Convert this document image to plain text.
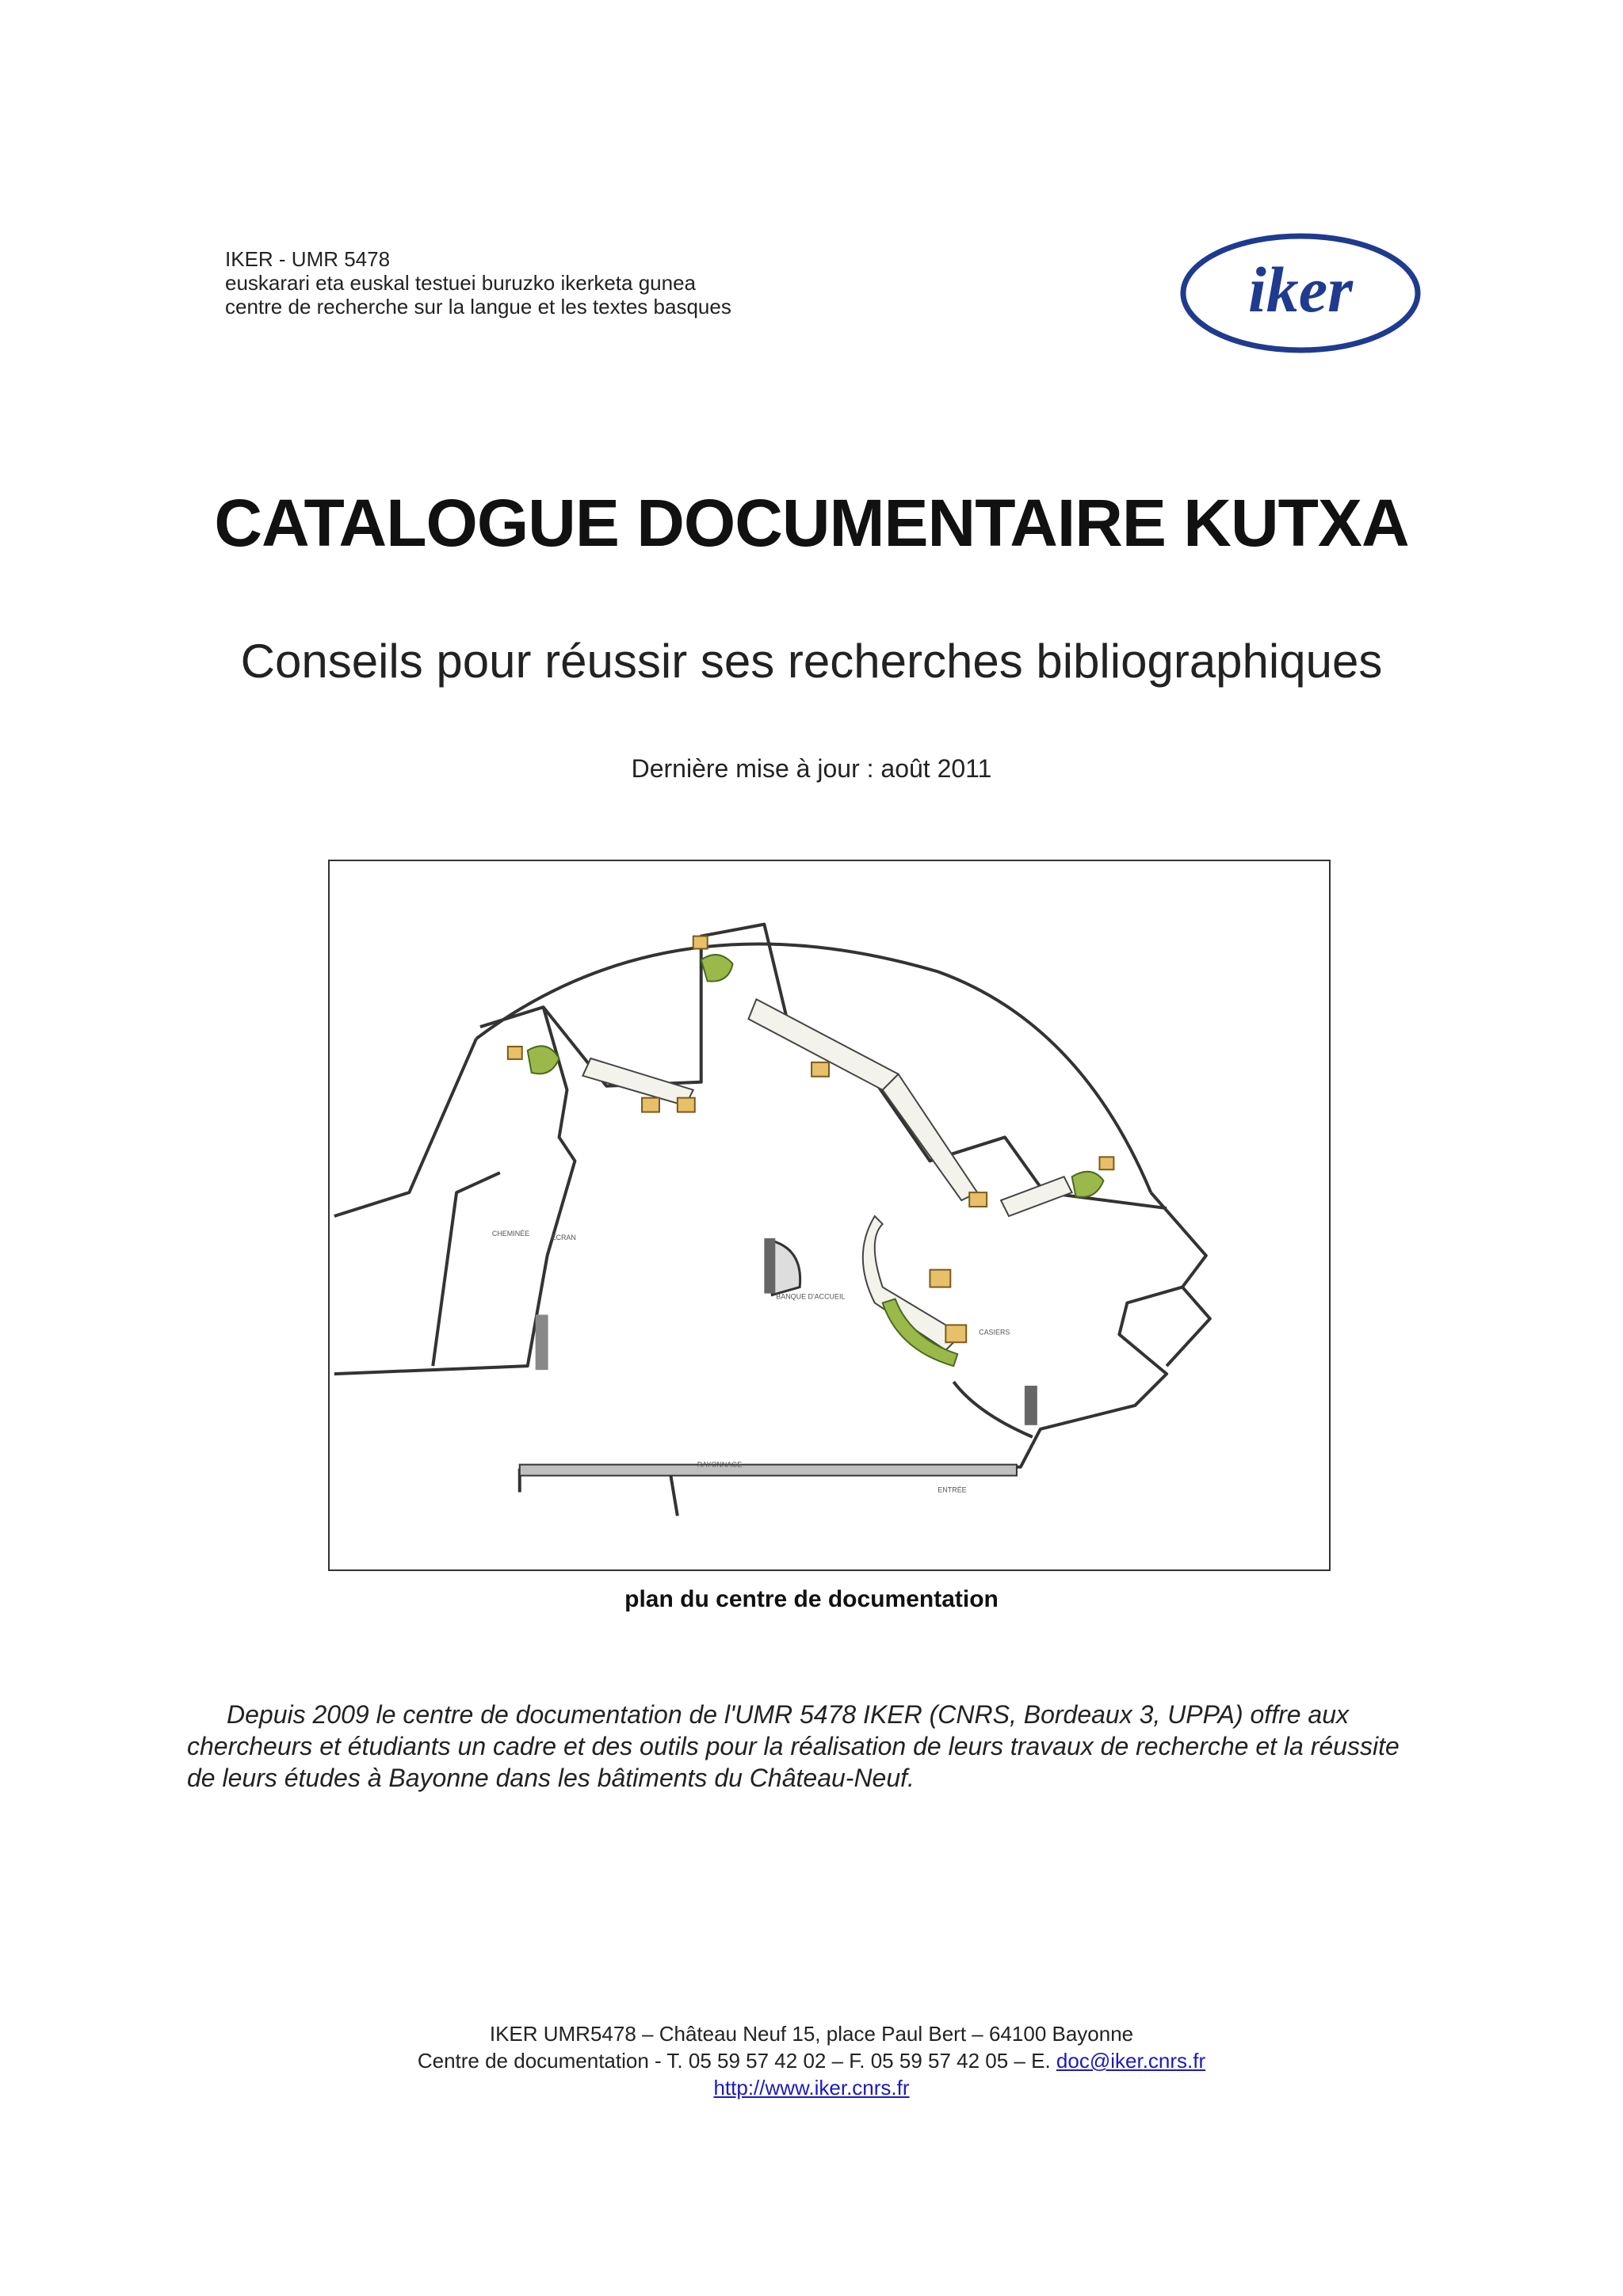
IKER - UMR 5478
euskarari eta euskal testuei buruzko ikerketa gunea
centre de recherche sur la langue et les textes basques	iker
CATALOGUE DOCUMENTAIRE KUTXA
Conseils pour réussir ses recherches bibliographiques
Dernière mise à jour : août 2011
CHEMINÉE	ÉCRAN
RAYONNAGE
ENTRÉE
BANQUE D'ACCUEIL
CASIERS
plan du centre de documentation
Depuis 2009 le centre de documentation de l'UMR 5478 IKER (CNRS, Bordeaux 3, UPPA) offre aux chercheurs et étudiants un cadre et des outils pour la réalisation de leurs travaux de recherche et la réussite de leurs études à Bayonne dans les bâtiments du Château-Neuf.
IKER UMR5478 – Château Neuf 15, place Paul Bert – 64100 Bayonne
Centre de documentation - T. 05 59 57 42 02 – F. 05 59 57 42 05 – E. doc@iker.cnrs.fr
http://www.iker.cnrs.fr
